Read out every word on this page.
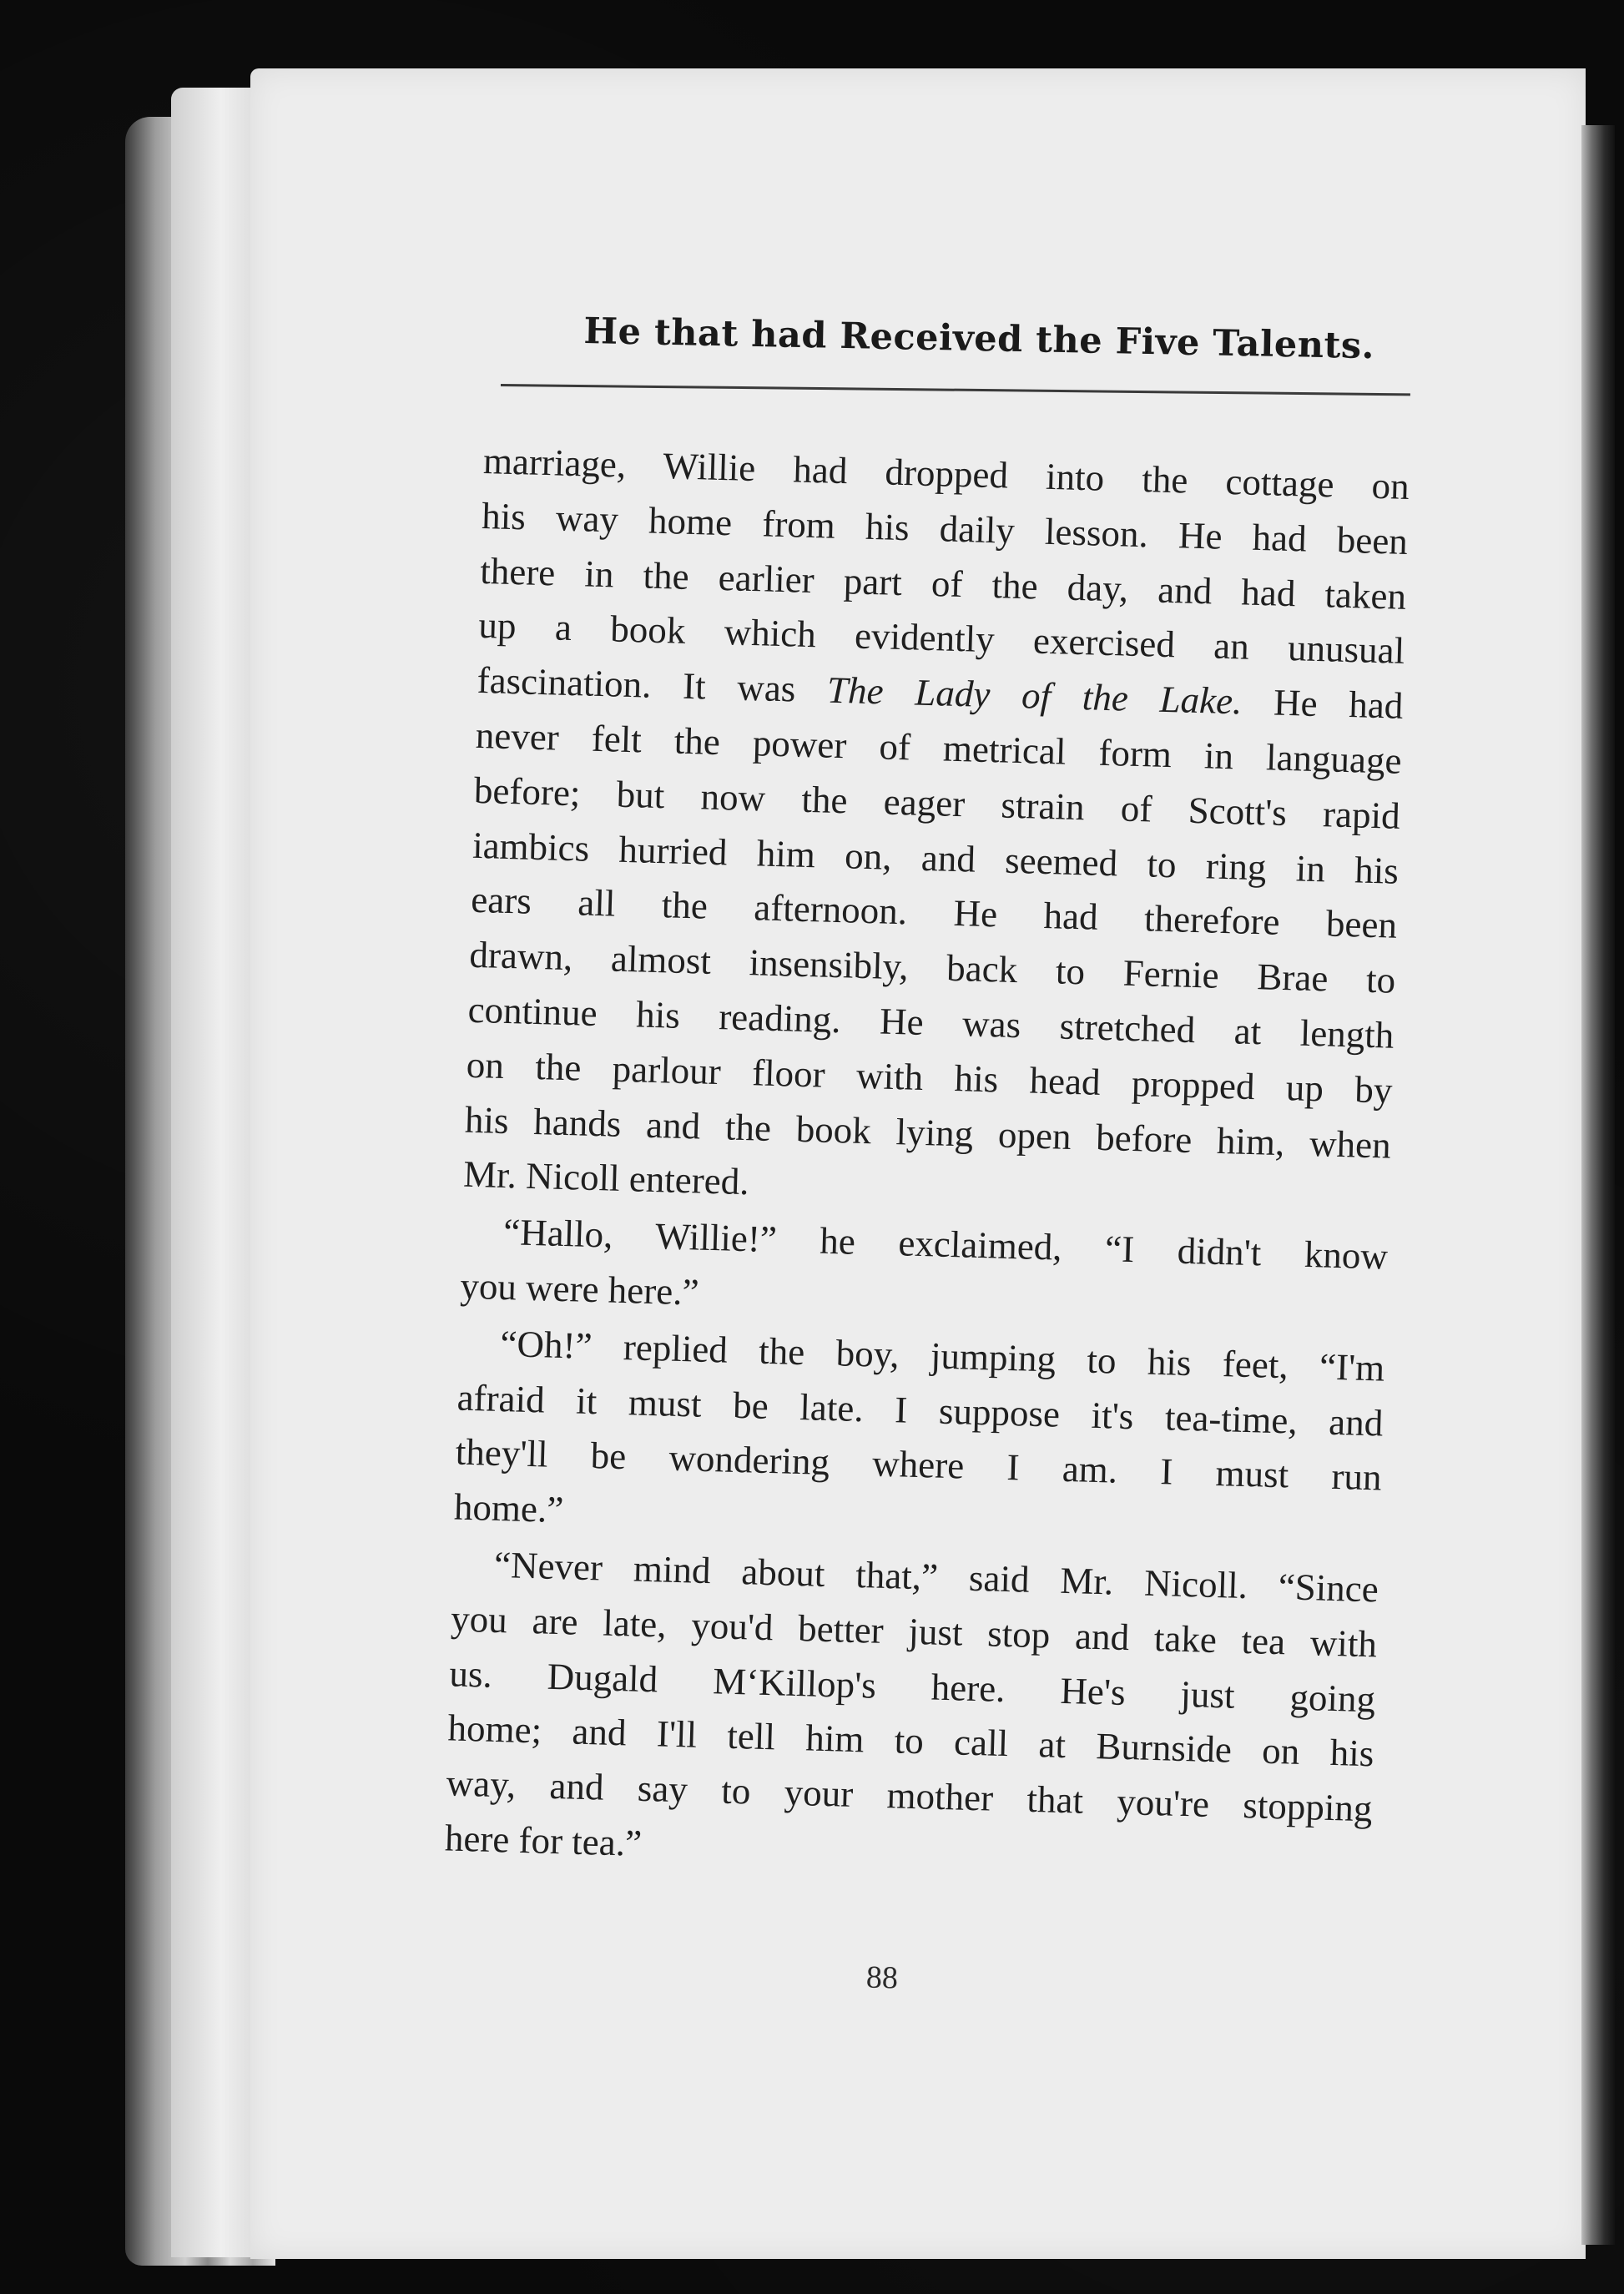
He that had Received the Five Talents.

marriage, Willie had dropped into the cottage on

his way home from his daily lesson. He had been

there in the earlier part of the day, and had taken

up a book which evidently exercised an unusual

fascination. It was The Lady of the Lake. He had

never felt the power of metrical form in language

before; but now the eager strain of Scott's rapid

iambics hurried him on, and seemed to ring in his

ears all the afternoon. He had therefore been

drawn, almost insensibly, back to Fernie Brae to

continue his reading. He was stretched at length

on the parlour floor with his head propped up by

his hands and the book lying open before him, when

Mr. Nicoll entered.

“Hallo, Willie!” he exclaimed, “I didn't know

you were here.”

“Oh!” replied the boy, jumping to his feet, “I'm

afraid it must be late. I suppose it's tea-time, and

they'll be wondering where I am. I must run

home.”

“Never mind about that,” said Mr. Nicoll. “Since

you are late, you'd better just stop and take tea with

us. Dugald M‘Killop's here. He's just going

home; and I'll tell him to call at Burnside on his

way, and say to your mother that you're stopping

here for tea.”

88
